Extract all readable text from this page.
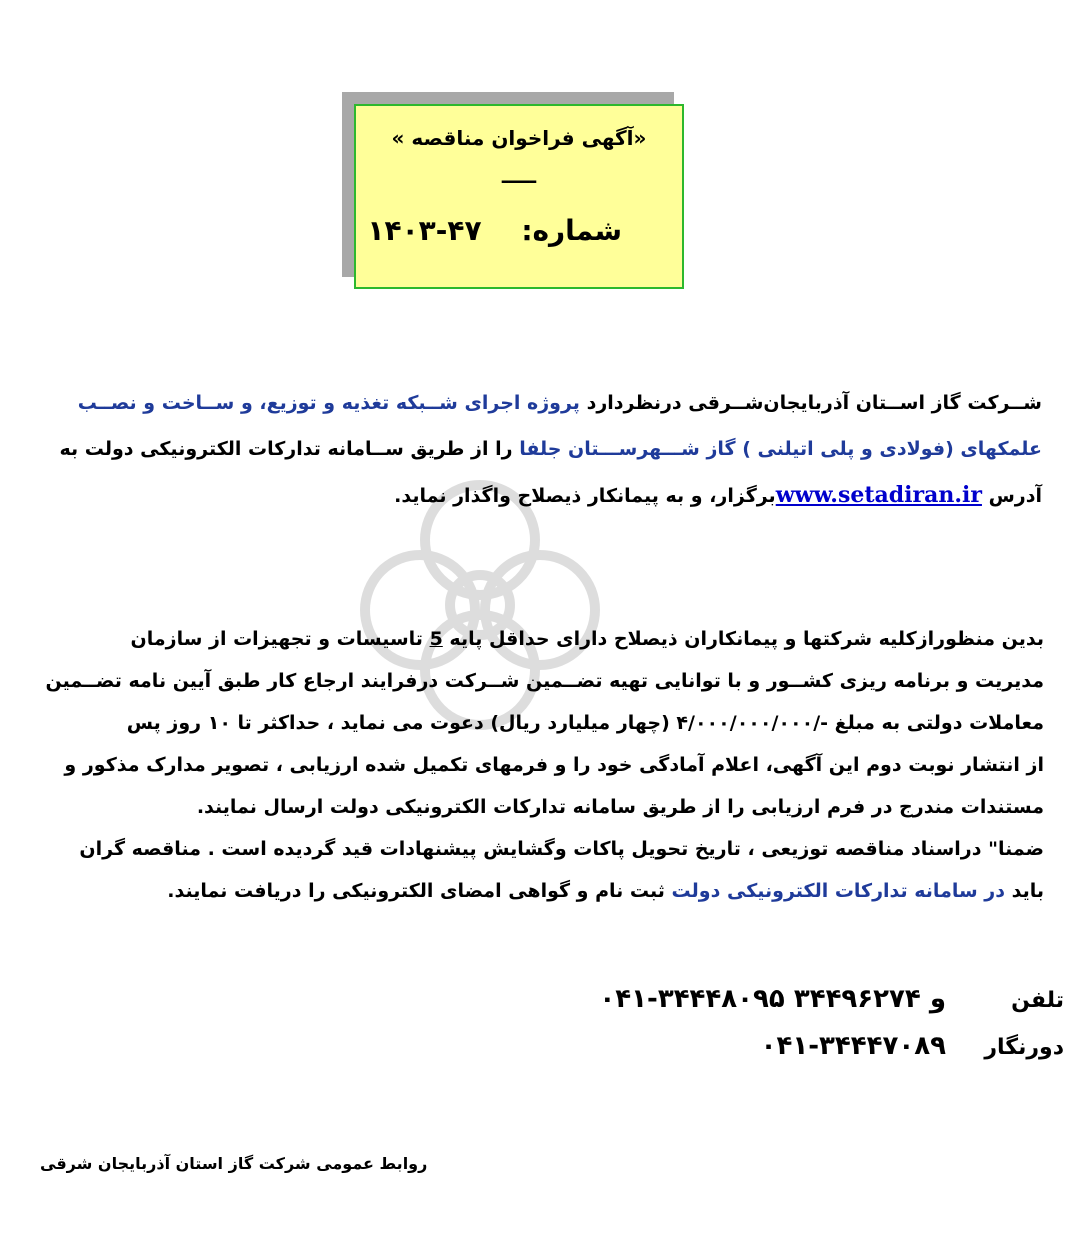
«آگهی فراخوان مناقصه »
ـــــ
شماره: ۱۴۰۳-۴۷
شــرکت گاز اســتان آذربایجان‌شــرقی درنظردارد پروژه اجرای شــبکه تغذیه و توزیع، و ســاخت و نصــب
علمکهای (فولادی و پلی اتیلنی ) گاز شـــهرســـتان جلفا را از طریق ســامانه تدارکات الکترونیکی دولت به
آدرس www.setadiran.irبرگزار، و به پیمانکار ذیصلاح واگذار نماید.
بدین منظورازکلیه شرکتها و پیمانکاران ذیصلاح دارای حداقل پایه 5 تاسیسات و تجهیزات از سازمان
مدیریت و برنامه ریزی کشــور و با توانایی تهیه تضــمین شــرکت درفرایند ارجاع کار طبق آیین نامه تضــمین
معاملات دولتی به مبلغ -/۴/۰۰۰/۰۰۰/۰۰۰ (چهار میلیارد ریال) دعوت می نماید ، حداکثر تا ۱۰ روز پس
از انتشار نوبت دوم این آگهی، اعلام آمادگی خود را و فرمهای تکمیل شده ارزیابی ، تصویر مدارک مذکور و
مستندات مندرج در فرم ارزیابی را از طریق سامانه تدارکات الکترونیکی دولت ارسال نمایند.
ضمنا" دراسناد مناقصه توزیعی ، تاریخ تحویل پاکات وگشایش پیشنهادات قید گردیده است . مناقصه گران
باید در سامانه تدارکات الکترونیکی دولت ثبت نام و گواهی امضای الکترونیکی را دریافت نمایند.
تلفن
۰۴۱-۳۴۴۴۸۰۹۵ و ۳۴۴۹۶۲۷۴
دورنگار
۰۴۱-۳۴۴۴۷۰۸۹
روابط عمومی شرکت گاز استان آذربایجان شرقی
